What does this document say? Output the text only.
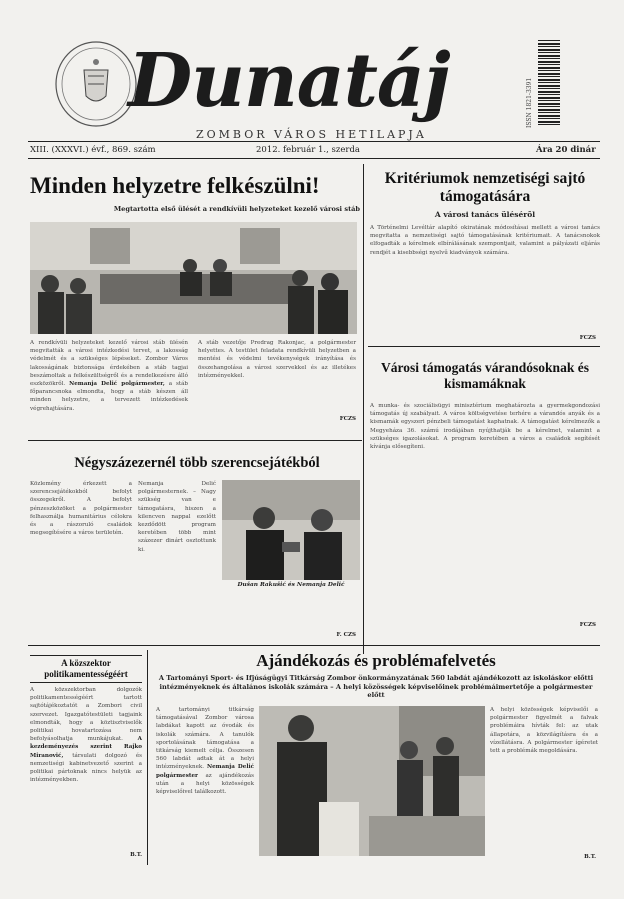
Dunatáj	ISSN 1821-3391
ZOMBOR VÁROS HETILAPJA
XIII. (XXXVI.) évf., 869. szám	2012. február 1., szerda	Ára 20 dinár
Minden helyzetre felkészülni!
Megtartotta első ülését a rendkívüli helyzeteket kezelő városi stáb
A rendkívüli helyzeteket kezelő városi stáb ülésén megvitatták a városi intézkedési tervet, a lakosság védelmét és a szükséges lépéseket. Zombor Város lakosságának biztonsága érdekében a stáb tagjai beszámoltak a felkészültségről és a rendelkezésre álló eszközökről. Nemanja Delić polgármester, a stáb főparancsnoka elmondta, hogy a stáb készen áll minden helyzetre, a tervezett intézkedések végrehajtására.
A stáb vezetője Predrag Rakonjac, a polgármester helyettes. A testület feladata rendkívüli helyzetben a mentési és védelmi tevékenységek irányítása és összehangolása a városi szervekkel és az illetékes intézményekkel.
FCZS
Kritériumok nemzetiségi sajtó támogatására
A városi tanács ülésérõl
A Történelmi Levéltár alapító okiratának módosításai mellett a városi tanács megvitatta a nemzetiségi sajtó támogatásának kritériumait. A tanácsnokok elfogadták a kérelmek elbírálásának szempontjait, valamint a pályázati eljárás rendjét a kisebbségi nyelvű kiadványok számára.
FCZS
Városi támogatás várandósoknak és kismamáknak
A munka- és szociálisügyi minisztérium meghatározta a gyermekgondozási támogatás új szabályait. A város költségvetése terhére a várandós anyák és a kismamák egyszeri pénzbeli támogatást kaphatnak. A támogatást kérelmezők a Megyeháza 36. számú irodájában nyújthatják be a kérelmet, valamint a szükséges igazolásokat. A program keretében a város a családok segítését kívánja elősegíteni.
FCZS
Négyszázezernél több szerencsejátékból
Közlemény érkezett a szerencsejátékokból befolyt összegekről. A befolyt pénzeszközöket a polgármester felhasználja humanitárius célokra és a rászoruló családok megsegítésére a város területén.
Nemanja Delić polgármesternek. – Nagy szükség van e támogatásra, hiszen a kilencven nappal ezelőtt kezdődött program keretében több mint százezer dinárt osztottunk ki.
Dušan Rakušić és Nemanja Delić
F. CZS
A közszektor politikamentességéért
A közszektorban dolgozók politikamentességéért tartott sajtótájékoztatót a Zombori civil szervezet. Igazgatótestületi tagjaink elmondták, hogy a köztisztviselők politikai hovatartozása nem befolyásolhatja munkájukat.	A kezdeményezés szerint Rajko Miranović, társulati dolgozó és nemzetiségi kabinetvezető szerint a politikai pártoknak nincs helyük az intézményekben.
B.T.
Ajándékozás és problémafelvetés
A Tartományi Sport- és Ifjúságügyi Titkárság Zombor önkormányzatának 560 labdát ajándékozott az iskoláskor előtti intézményeknek és általános iskolák számára – A helyi közösségek képviselőinek problémáimertetője a polgármester előtt
A tartományi titkárság támogatásával Zombor városa labdákat kapott az óvodák és iskolák számára. A tanulók sportolásának támogatása a titkárság kiemelt célja. Összesen 560 labdát adtak át a helyi intézményeknek. Nemanja Delić polgármester az ajándékozás után a helyi közösségek képviselőivel találkozott.
A helyi közösségek képviselői a polgármester figyelmét a falvak problémáira hívták fel: az utak állapotára, a közvilágításra és a vízellátásra. A polgármester ígéretet tett a problémák megoldására.
B.T.
